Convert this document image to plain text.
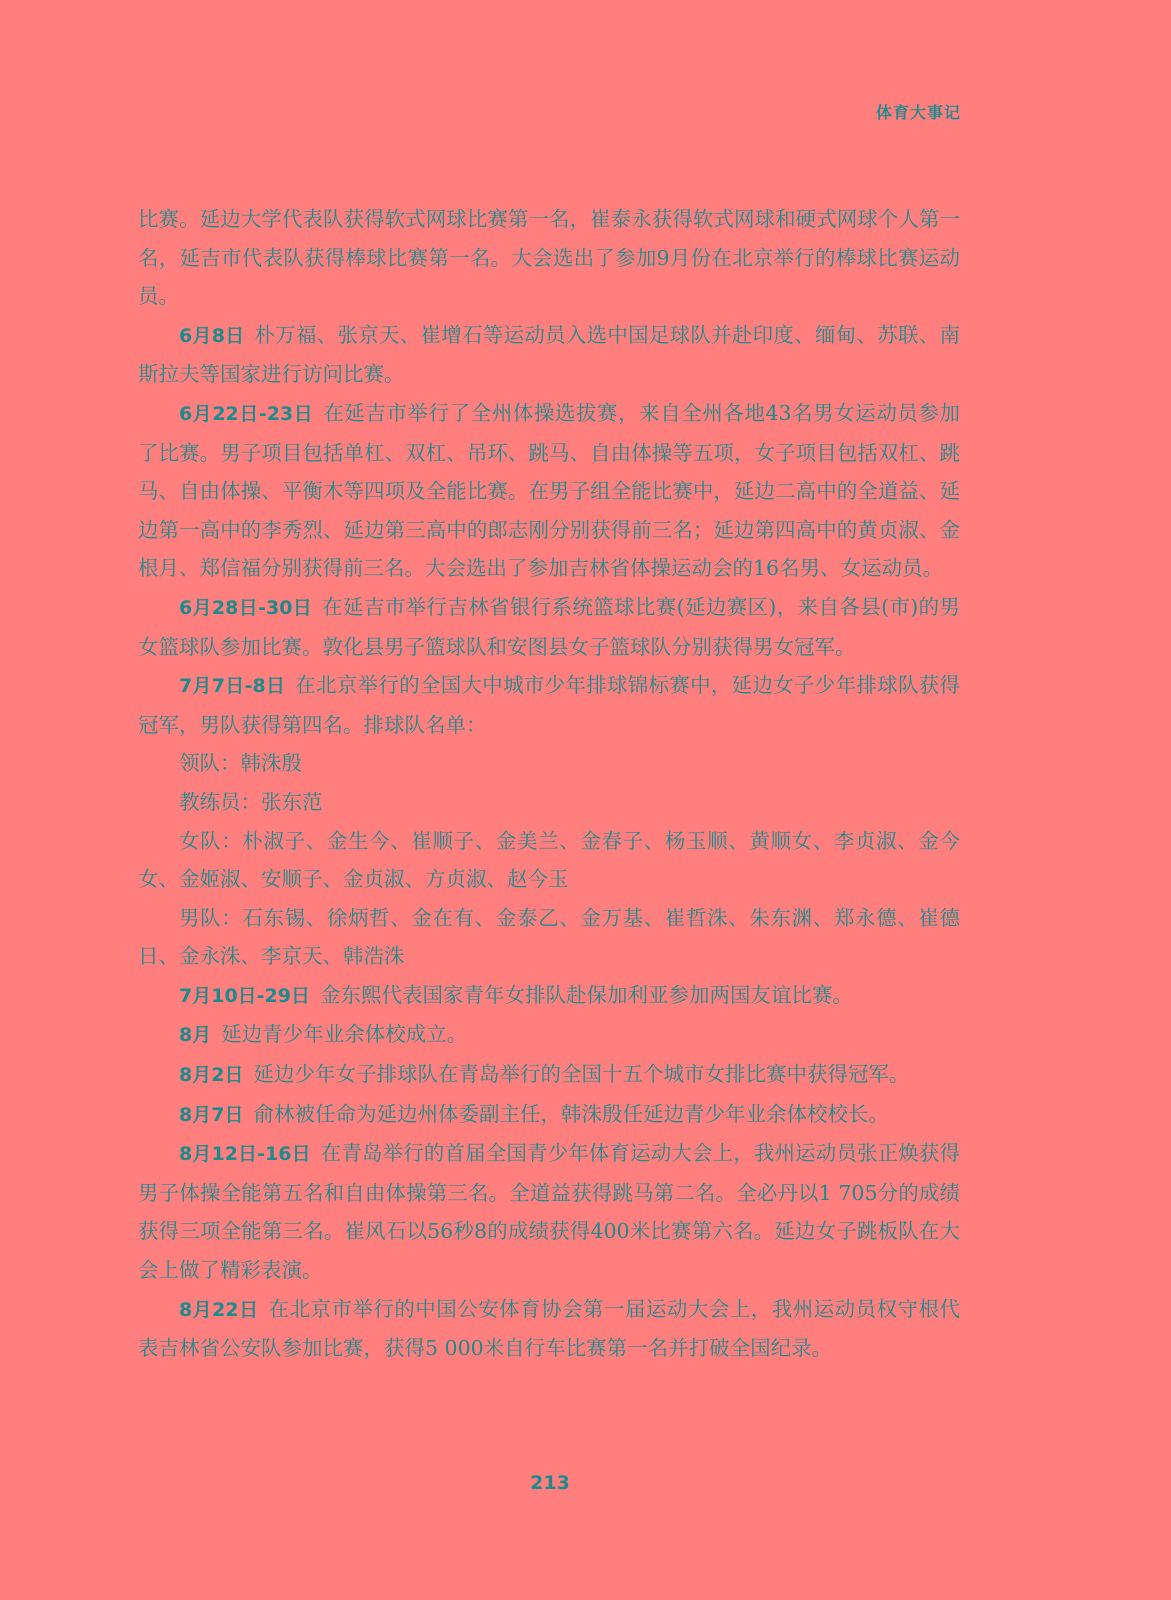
体育大事记

比赛。延边大学代表队获得软式网球比赛第一名，崔泰永获得软式网球和硬式网球个人第一名，延吉市代表队获得棒球比赛第一名。大会选出了参加9月份在北京举行的棒球比赛运动员。

6月8日 朴万福、张京天、崔增石等运动员入选中国足球队并赴印度、缅甸、苏联、南斯拉夫等国家进行访问比赛。

6月22日-23日 在延吉市举行了全州体操选拔赛，来自全州各地43名男女运动员参加了比赛。男子项目包括单杠、双杠、吊环、跳马、自由体操等五项，女子项目包括双杠、跳马、自由体操、平衡木等四项及全能比赛。在男子组全能比赛中，延边二高中的全道益、延边第一高中的李秀烈、延边第三高中的郎志刚分别获得前三名；延边第四高中的黄贞淑、金根月、郑信福分别获得前三名。大会选出了参加吉林省体操运动会的16名男、女运动员。

6月28日-30日 在延吉市举行吉林省银行系统篮球比赛(延边赛区)，来自各县(市)的男女篮球队参加比赛。敦化县男子篮球队和安图县女子篮球队分别获得男女冠军。

7月7日-8日 在北京举行的全国大中城市少年排球锦标赛中，延边女子少年排球队获得冠军，男队获得第四名。排球队名单：

领队：韩洙殷

教练员：张东范

女队：朴淑子、金生今、崔顺子、金美兰、金春子、杨玉顺、黄顺女、李贞淑、金今女、金姬淑、安顺子、金贞淑、方贞淑、赵今玉

男队：石东锡、徐炳哲、金在有、金泰乙、金万基、崔哲洙、朱东渊、郑永德、崔德日、金永洙、李京天、韩浩洙

7月10日-29日 金东熙代表国家青年女排队赴保加利亚参加两国友谊比赛。

8月 延边青少年业余体校成立。

8月2日 延边少年女子排球队在青岛举行的全国十五个城市女排比赛中获得冠军。

8月7日 俞林被任命为延边州体委副主任，韩洙殷任延边青少年业余体校校长。

8月12日-16日 在青岛举行的首届全国青少年体育运动大会上，我州运动员张正焕获得男子体操全能第五名和自由体操第三名。全道益获得跳马第二名。全必丹以1 705分的成绩获得三项全能第三名。崔风石以56秒8的成绩获得400米比赛第六名。延边女子跳板队在大会上做了精彩表演。

8月22日 在北京市举行的中国公安体育协会第一届运动大会上，我州运动员权守根代表吉林省公安队参加比赛，获得5 000米自行车比赛第一名并打破全国纪录。

213
